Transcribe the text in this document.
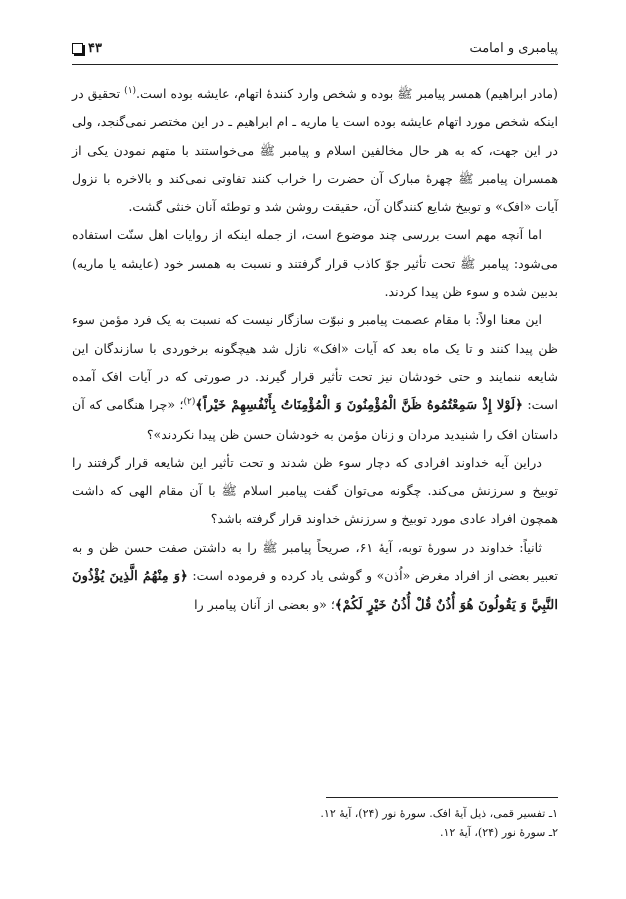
پیامبری و امامت
۴۳

(مادر ابراهیم) همسر پیامبر ﷺ بوده و شخص وارد کنندهٔ اتهام، عایشه بوده است.$^{(۱)}$ تحقیق در اینکه شخص مورد اتهام عایشه بوده است یا ماریه ـ ام ابراهیم ـ در این مختصر نمی‌گنجد، ولی در این جهت، که به هر حال مخالفین اسلام و پیامبر ﷺ می‌خواستند با متهم نمودن یکی از همسران پیامبر ﷺ چهرهٔ مبارک آن حضرت را خراب کنند تفاوتی نمی‌کند و بالاخره با نزول آیات «افک» و توبیخ شایع کنندگان آن، حقیقت روشن شد و توطئه آنان خنثی گشت.

اما آنچه مهم است بررسی چند موضوع است، از جمله اینکه از روایات اهل سنّت استفاده می‌شود: پیامبر ﷺ تحت تأثیر جوّ کاذب قرار گرفتند و نسبت به همسر خود (عایشه یا ماریه) بدبین شده و سوء ظن پیدا کردند.

این معنا اولاً: با مقام عصمت پیامبر و نبوّت سازگار نیست که نسبت به یک فرد مؤمن سوء ظن پیدا کنند و تا یک ماه بعد که آیات «افک» نازل شد هیچگونه برخوردی با سازندگان این شایعه ننمایند و حتی خودشان نیز تحت تأثیر قرار گیرند. در صورتی که در آیات افک آمده است: ﴿لَوْلا إِذْ سَمِعْتُمُوهُ ظَنَّ الْمُؤْمِنُونَ وَ الْمُؤْمِنَاتُ بِأَنْفُسِهِمْ خَيْراً﴾$^{(۲)}$؛ «چرا هنگامی که آن داستان افک را شنیدید مردان و زنان مؤمن به خودشان حسن ظن پیدا نکردند»؟

دراین آیه خداوند افرادی که دچار سوء ظن شدند و تحت تأثیر این شایعه قرار گرفتند را توبیخ و سرزنش می‌کند. چگونه می‌توان گفت پیامبر اسلام ﷺ با آن مقام الهی که داشت همچون افراد عادی مورد توبیخ و سرزنش خداوند قرار گرفته باشد؟

ثانیاً: خداوند در سورهٔ توبه، آیهٔ ۶۱، صریحاً پیامبر ﷺ را به داشتن صفت حسن ظن و به تعبیر بعضی از افراد مغرض «اُذن» و گوشی یاد کرده و فرموده است: ﴿وَ مِنْهُمُ الَّذِينَ يُؤْذُونَ النَّبِيَّ وَ يَقُولُونَ هُوَ أُذُنٌ قُلْ أُذُنُ خَيْرٍ لَكُمْ﴾؛ «و بعضی از آنان پیامبر را

۱ـ تفسیر قمی، ذیل آیهٔ افک. سورهٔ نور (۲۴)، آیهٔ ۱۲.

۲ـ سورهٔ نور (۲۴)، آیهٔ ۱۲.
